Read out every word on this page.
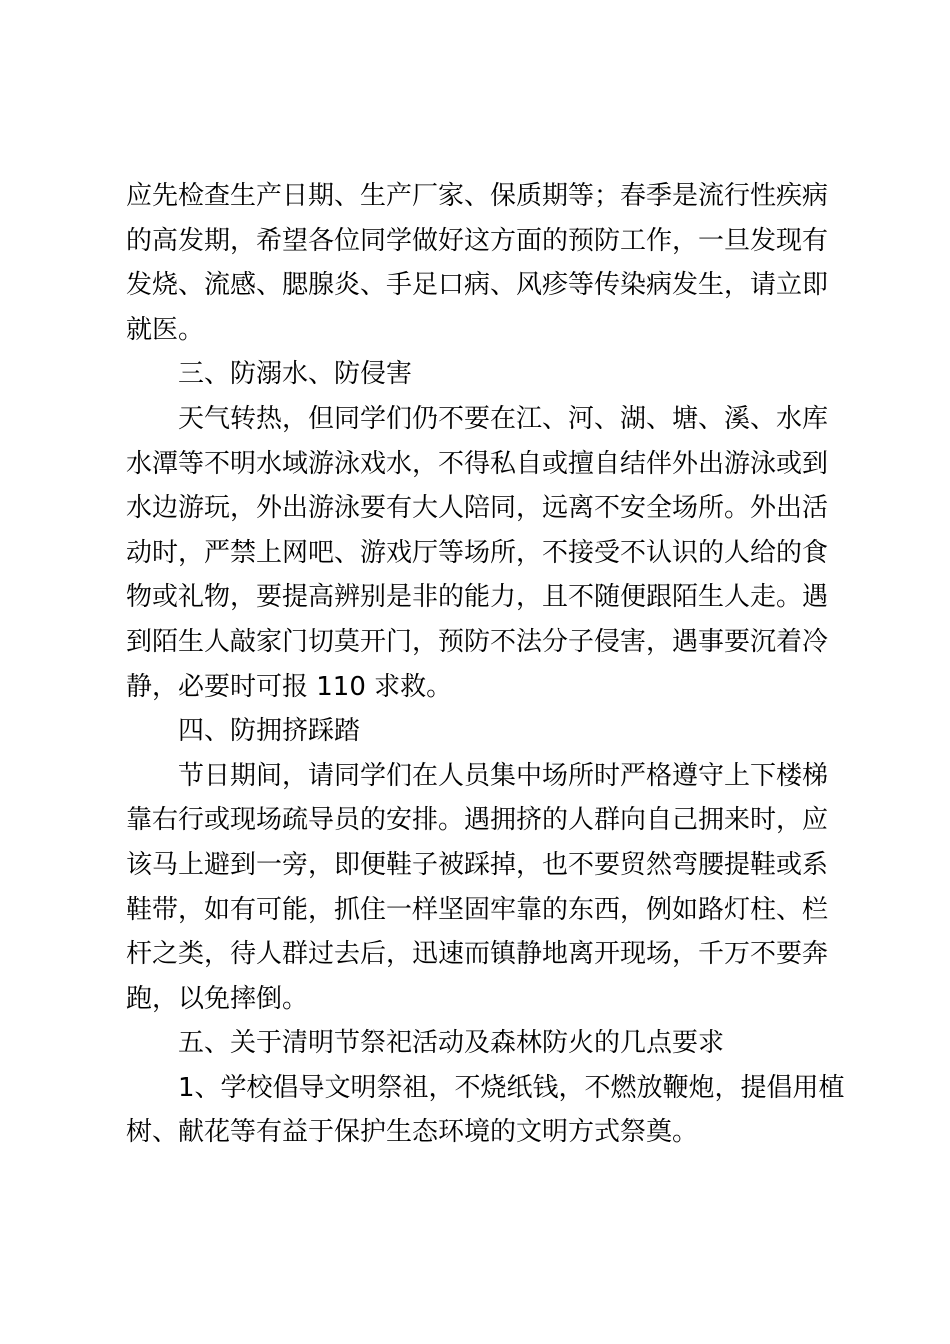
应先检查生产日期、生产厂家、保质期等；春季是流行性疾病
的高发期，希望各位同学做好这方面的预防工作，一旦发现有
发烧、流感、腮腺炎、手足口病、风疹等传染病发生，请立即
就医。
三、防溺水、防侵害
天气转热，但同学们仍不要在江、河、湖、塘、溪、水库
水潭等不明水域游泳戏水，不得私自或擅自结伴外出游泳或到
水边游玩，外出游泳要有大人陪同，远离不安全场所。外出活
动时，严禁上网吧、游戏厅等场所，不接受不认识的人给的食
物或礼物，要提高辨别是非的能力，且不随便跟陌生人走。遇
到陌生人敲家门切莫开门，预防不法分子侵害，遇事要沉着冷
静，必要时可报 110 求救。
四、防拥挤踩踏
节日期间，请同学们在人员集中场所时严格遵守上下楼梯
靠右行或现场疏导员的安排。遇拥挤的人群向自己拥来时，应
该马上避到一旁，即便鞋子被踩掉，也不要贸然弯腰提鞋或系
鞋带，如有可能，抓住一样坚固牢靠的东西，例如路灯柱、栏
杆之类，待人群过去后，迅速而镇静地离开现场，千万不要奔
跑，以免摔倒。
五、关于清明节祭祀活动及森林防火的几点要求
1、学校倡导文明祭祖，不烧纸钱，不燃放鞭炮，提倡用植
树、献花等有益于保护生态环境的文明方式祭奠。
